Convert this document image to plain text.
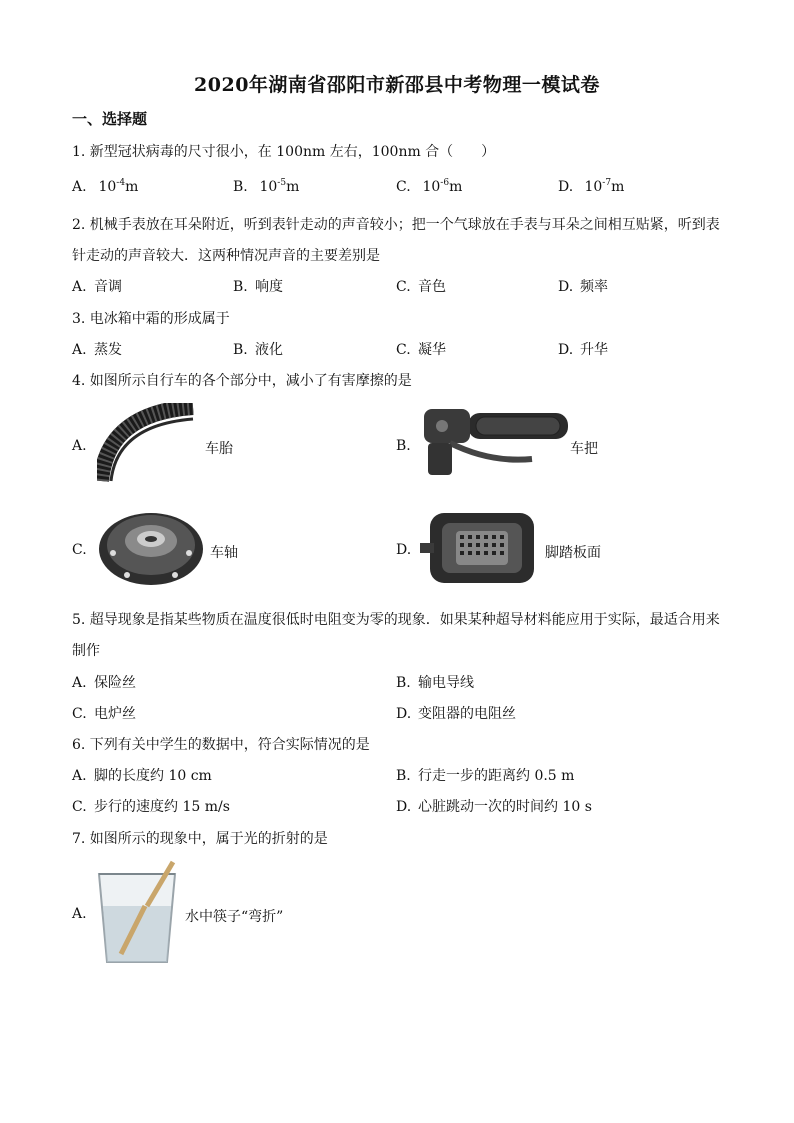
2020年湖南省邵阳市新邵县中考物理一模试卷
一、选择题
1. 新型冠状病毒的尺寸很小，在 100nm 左右，100nm 合（　　）
A. $10^{-4}m$	B. $10^{-5}m$	C. $10^{-6}m$	D. $10^{-7}m$
2. 机械手表放在耳朵附近，听到表针走动的声音较小；把一个气球放在手表与耳朵之间相互贴紧，听到表
针走动的声音较大．这两种情况声音的主要差别是
A. 音调	B. 响度	C. 音色	D. 频率
3. 电冰箱中霜的形成属于
A. 蒸发	B. 液化	C. 凝华	D. 升华
4. 如图所示自行车的各个部分中，减小了有害摩擦的是
A.	车胎	B.	车把
C.	车轴	D.	脚踏板面
5. 超导现象是指某些物质在温度很低时电阻变为零的现象．如果某种超导材料能应用于实际，最适合用来
制作
A. 保险丝	B. 输电导线
C. 电炉丝	D. 变阻器的电阻丝
6. 下列有关中学生的数据中，符合实际情况的是
A. 脚的长度约 10 cm	B. 行走一步的距离约 0.5 m
C. 步行的速度约 15 m/s	D. 心脏跳动一次的时间约 10 s
7. 如图所示的现象中，属于光的折射的是
A.	水中筷子“弯折”
